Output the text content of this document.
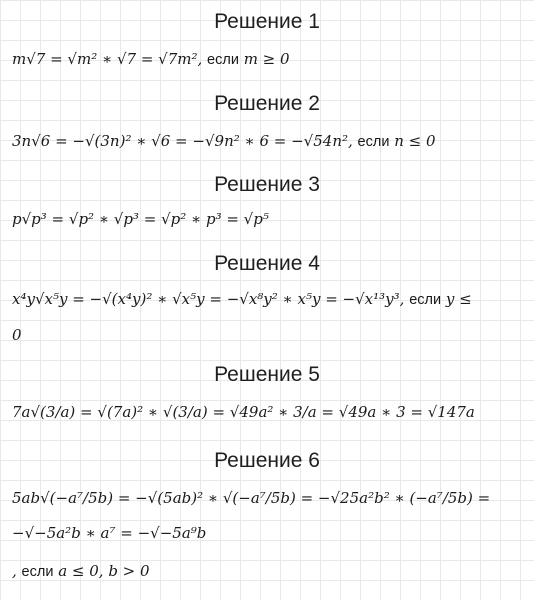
Решение 1
m√7 = √m² ∗ √7 = √7m², если m ≥ 0
Решение 2
3n√6 = −√(3n)² ∗ √6 = −√9n² ∗ 6 = −√54n², если n ≤ 0
Решение 3
p√p³ = √p² ∗ √p³ = √p² ∗ p³ = √p⁵
Решение 4
x⁴y√x⁵y = −√(x⁴y)² ∗ √x⁵y = −√x⁸y² ∗ x⁵y = −√x¹³y³, если y ≤
0
Решение 5
7a√(3/a) = √(7a)² ∗ √(3/a) = √49a² ∗ 3/a = √49a ∗ 3 = √147a
Решение 6
5ab√(−a⁷/5b) = −√(5ab)² ∗ √(−a⁷/5b) = −√25a²b² ∗ (−a⁷/5b) =
−√−5a²b ∗ a⁷ = −√−5a⁹b
, если a ≤ 0, b > 0
